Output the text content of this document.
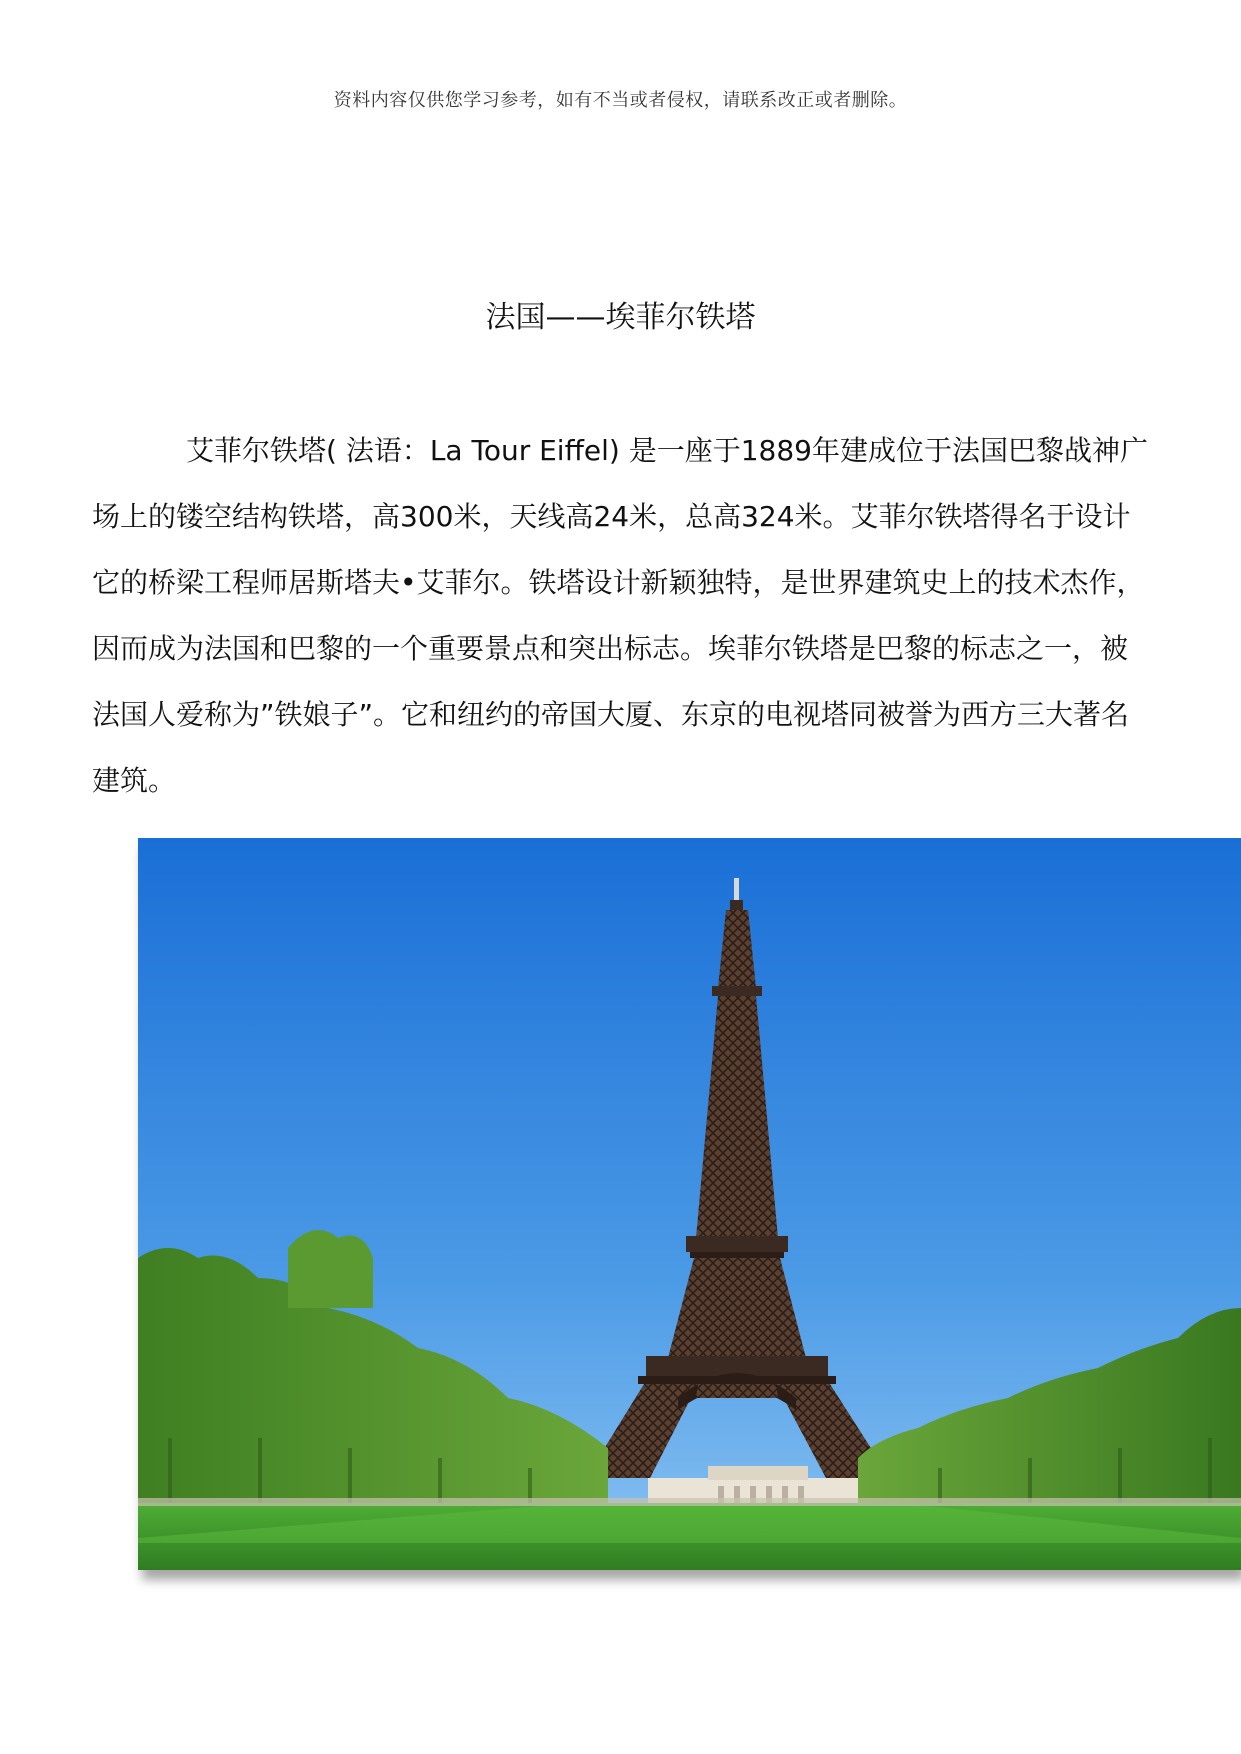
资料内容仅供您学习参考，如有不当或者侵权，请联系改正或者删除。
法国——埃菲尔铁塔

艾菲尔铁塔( 法语：La Tour Eiffel) 是一座于1889年建成位于法国巴黎战神广场上的镂空结构铁塔，高300米，天线高24米，总高324米。艾菲尔铁塔得名于设计它的桥梁工程师居斯塔夫•艾菲尔。铁塔设计新颖独特，是世界建筑史上的技术杰作，因而成为法国和巴黎的一个重要景点和突出标志。埃菲尔铁塔是巴黎的标志之一，被法国人爱称为”铁娘子”。它和纽约的帝国大厦、东京的电视塔同被誉为西方三大著名建筑。
